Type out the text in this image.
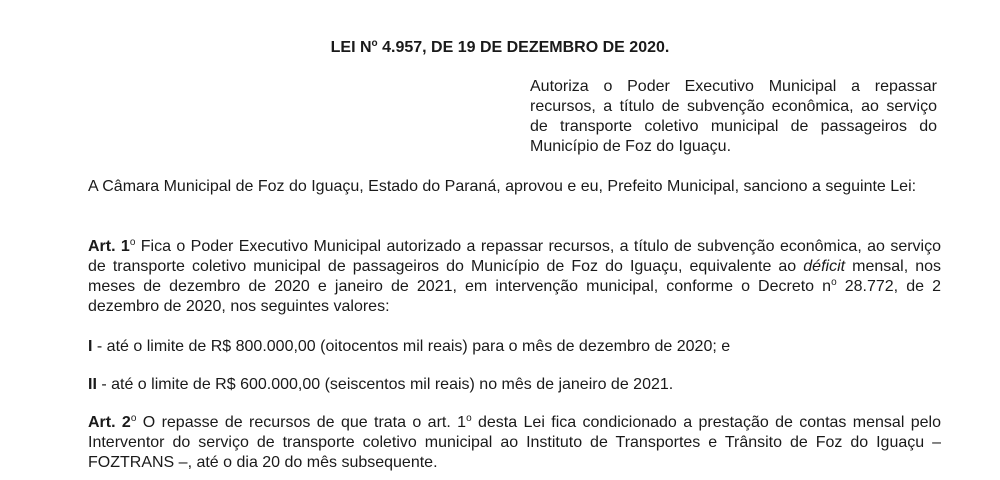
LEI $N^o$ 4.957, DE 19 DE DEZEMBRO DE 2020.
Autoriza o Poder Executivo Municipal a repassar recursos, a título de subvenção econômica, ao serviço de transporte coletivo municipal de passageiros do Município de Foz do Iguaçu.

A Câmara Municipal de Foz do Iguaçu, Estado do Paraná, aprovou e eu, Prefeito Municipal, sanciono a seguinte Lei:

Art. 1$^o$ Fica o Poder Executivo Municipal autorizado a repassar recursos, a título de subvenção econômica, ao serviço de transporte coletivo municipal de passageiros do Município de Foz do Iguaçu, equivalente ao déficit mensal, nos meses de dezembro de 2020 e janeiro de 2021, em intervenção municipal, conforme o Decreto $n^o$ 28.772, de 2 dezembro de 2020, nos seguintes valores:

I - até o limite de R$ 800.000,00 (oitocentos mil reais) para o mês de dezembro de 2020; e

II - até o limite de R$ 600.000,00 (seiscentos mil reais) no mês de janeiro de 2021.

Art. 2$^o$ O repasse de recursos de que trata o art. 1$^o$ desta Lei fica condicionado a prestação de contas mensal pelo Interventor do serviço de transporte coletivo municipal ao Instituto de Transportes e Trânsito de Foz do Iguaçu – FOZTRANS –, até o dia 20 do mês subsequente.
